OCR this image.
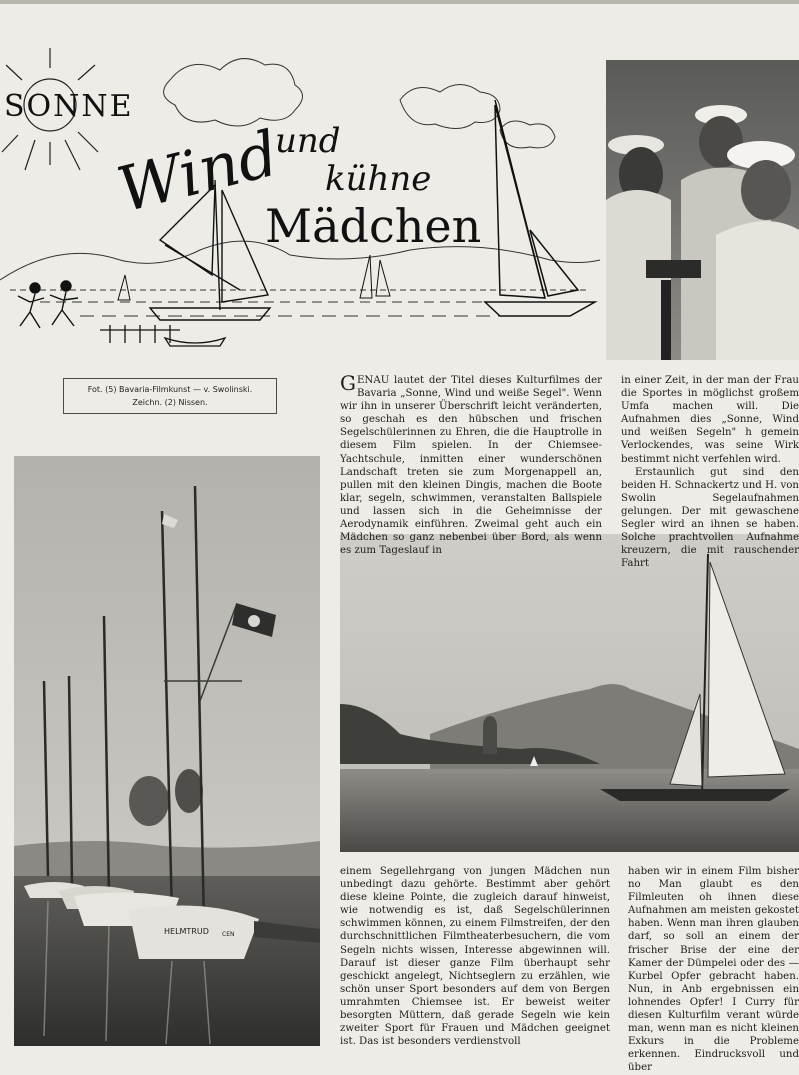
SONNE
Wind
und
kühne
Mädchen
Fot. (5) Bavaria-Filmkunst — v. Swolinski.
Zeichn. (2) Nissen.
HELMTRUD CEN

GENAU lautet der Titel dieses Kulturfilmes der Bavaria „Sonne, Wind und weiße Segel". Wenn wir ihn in unserer Überschrift leicht veränderten, so geschah es den hübschen und frischen Segelschülerinnen zu Ehren, die die Hauptrolle in diesem Film spielen. In der Chiemsee-Yachtschule, inmitten einer wunderschönen Landschaft treten sie zum Morgenappell an, pullen mit den kleinen Dingis, machen die Boote klar, segeln, schwimmen, veranstalten Ballspiele und lassen sich in die Geheimnisse der Aerodynamik einführen. Zweimal geht auch ein Mädchen so ganz nebenbei über Bord, als wenn es zum Tageslauf in

in einer Zeit, in der man der Frau die Sportes in möglichst großem Umfa machen will. Die Aufnahmen dies „Sonne, Wind und weißen Segeln" h gemein Verlockendes, was seine Wirk bestimmt nicht verfehlen wird.

Erstaunlich gut sind den beiden H. Schnackertz und H. von Swolin Segelaufnahmen gelungen. Der mit gewaschene Segler wird an ihnen se haben. Solche prachtvollen Aufnahme kreuzern, die mit rauschender Fahrt

einem Segellehrgang von jungen Mädchen nun unbedingt dazu gehörte. Bestimmt aber gehört diese kleine Pointe, die zugleich darauf hinweist, wie notwendig es ist, daß Segelschülerinnen schwimmen können, zu einem Filmstreifen, der den durchschnittlichen Filmtheaterbesuchern, die vom Segeln nichts wissen, Interesse abgewinnen will. Darauf ist dieser ganze Film überhaupt sehr geschickt angelegt, Nichtseglern zu erzählen, wie schön unser Sport besonders auf dem von Bergen umrahmten Chiemsee ist. Er beweist weiter besorgten Müttern, daß gerade Segeln wie kein zweiter Sport für Frauen und Mädchen geeignet ist. Das ist besonders verdienstvoll

haben wir in einem Film bisher no Man glaubt es den Filmleuten oh ihnen diese Aufnahmen am meisten gekostet haben. Wenn man ihren glauben darf, so soll an einem der frischer Brise der eine der Kamer der Dümpelei oder des — Kurbel Opfer gebracht haben. Nun, in Anb ergebnissen ein lohnendes Opfer! I Curry für diesen Kulturfilm verant würde man, wenn man es nicht kleinen Exkurs in die Probleme erkennen. Eindrucksvoll und über
